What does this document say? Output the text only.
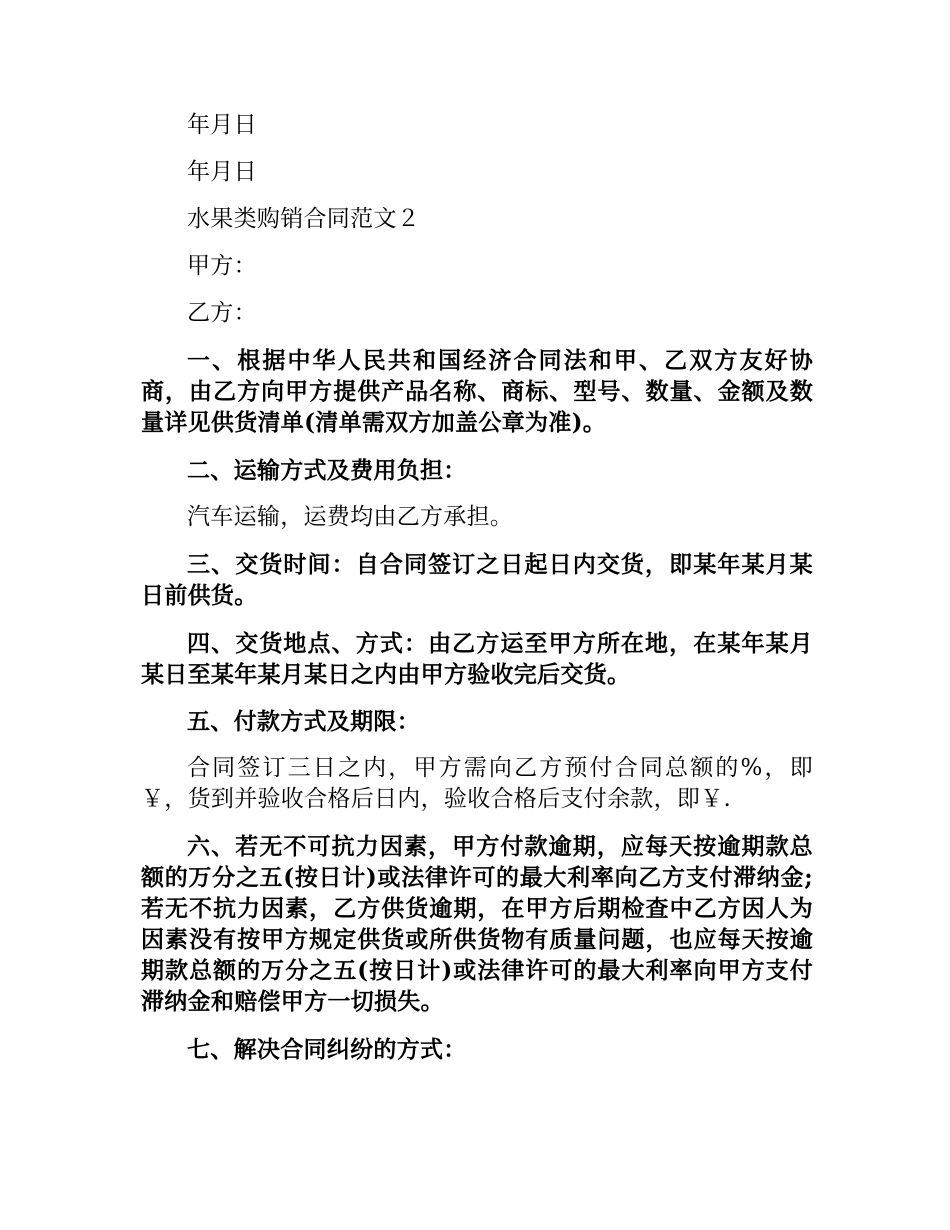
年月日

年月日

水果类购销合同范文２

甲方：

乙方：

一、根据中华人民共和国经济合同法和甲、乙双方友好协商，由乙方向甲方提供产品名称、商标、型号、数量、金额及数量详见供货清单(清单需双方加盖公章为准)。

二、运输方式及费用负担：

汽车运输，运费均由乙方承担。

三、交货时间：自合同签订之日起日内交货，即某年某月某日前供货。

四、交货地点、方式：由乙方运至甲方所在地，在某年某月某日至某年某月某日之内由甲方验收完后交货。

五、付款方式及期限：

合同签订三日之内，甲方需向乙方预付合同总额的%，即￥，货到并验收合格后日内，验收合格后支付余款，即￥.

六、若无不可抗力因素，甲方付款逾期，应每天按逾期款总额的万分之五(按日计)或法律许可的最大利率向乙方支付滞纳金;若无不抗力因素，乙方供货逾期，在甲方后期检查中乙方因人为因素没有按甲方规定供货或所供货物有质量问题，也应每天按逾期款总额的万分之五(按日计)或法律许可的最大利率向甲方支付滞纳金和赔偿甲方一切损失。

七、解决合同纠纷的方式：
